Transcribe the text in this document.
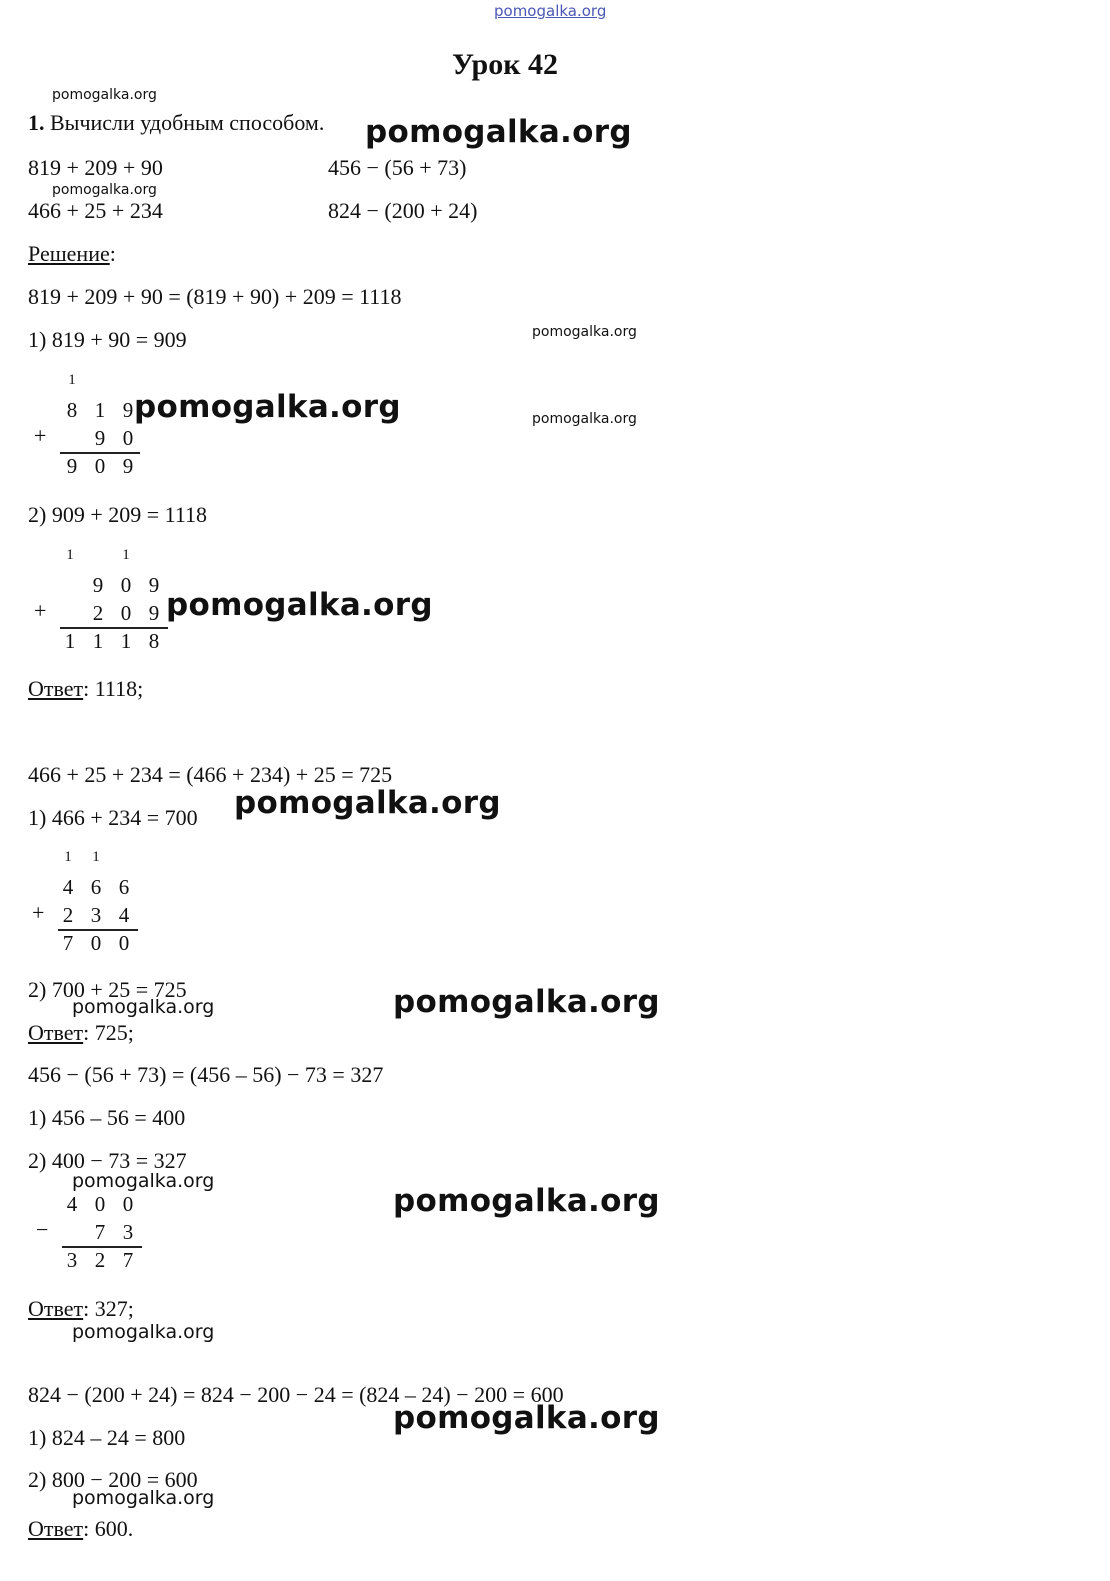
pomogalka.org
Урок 42
pomogalka.org
1. Вычисли удобным способом. pomogalka.org
819 + 209 + 90	456 − (56 + 73)
pomogalka.org
466 + 25 + 234	824 − (200 + 24)
Решение:
819 + 209 + 90 = (819 + 90) + 209 = 1118
1) 819 + 90 = 909	pomogalka.org
pomogalka.org
1
8 1 9
+	9 0
9 0 9
pomogalka.org
2) 909 + 209 = 1118
1	1
9 0 9
+	2 0 9
1 1 1 8
pomogalka.org
Ответ: 1118;
466 + 25 + 234 = (466 + 234) + 25 = 725
1) 466 + 234 = 700 pomogalka.org
1	1
4 6 6
+ 2 3 4
7 0 0
2) 700 + 25 = 725
pomogalka.org	pomogalka.org
Ответ: 725;
456 − (56 + 73) = (456 – 56) − 73 = 327
1) 456 – 56 = 400
2) 400 − 73 = 327
pomogalka.org
pomogalka.org
4 0 0
−	7 3
3 2 7
Ответ: 327;
pomogalka.org
824 − (200 + 24) = 824 − 200 − 24 = (824 – 24) − 200 = 600
pomogalka.org
1) 824 – 24 = 800
2) 800 − 200 = 600
pomogalka.org
Ответ: 600.
